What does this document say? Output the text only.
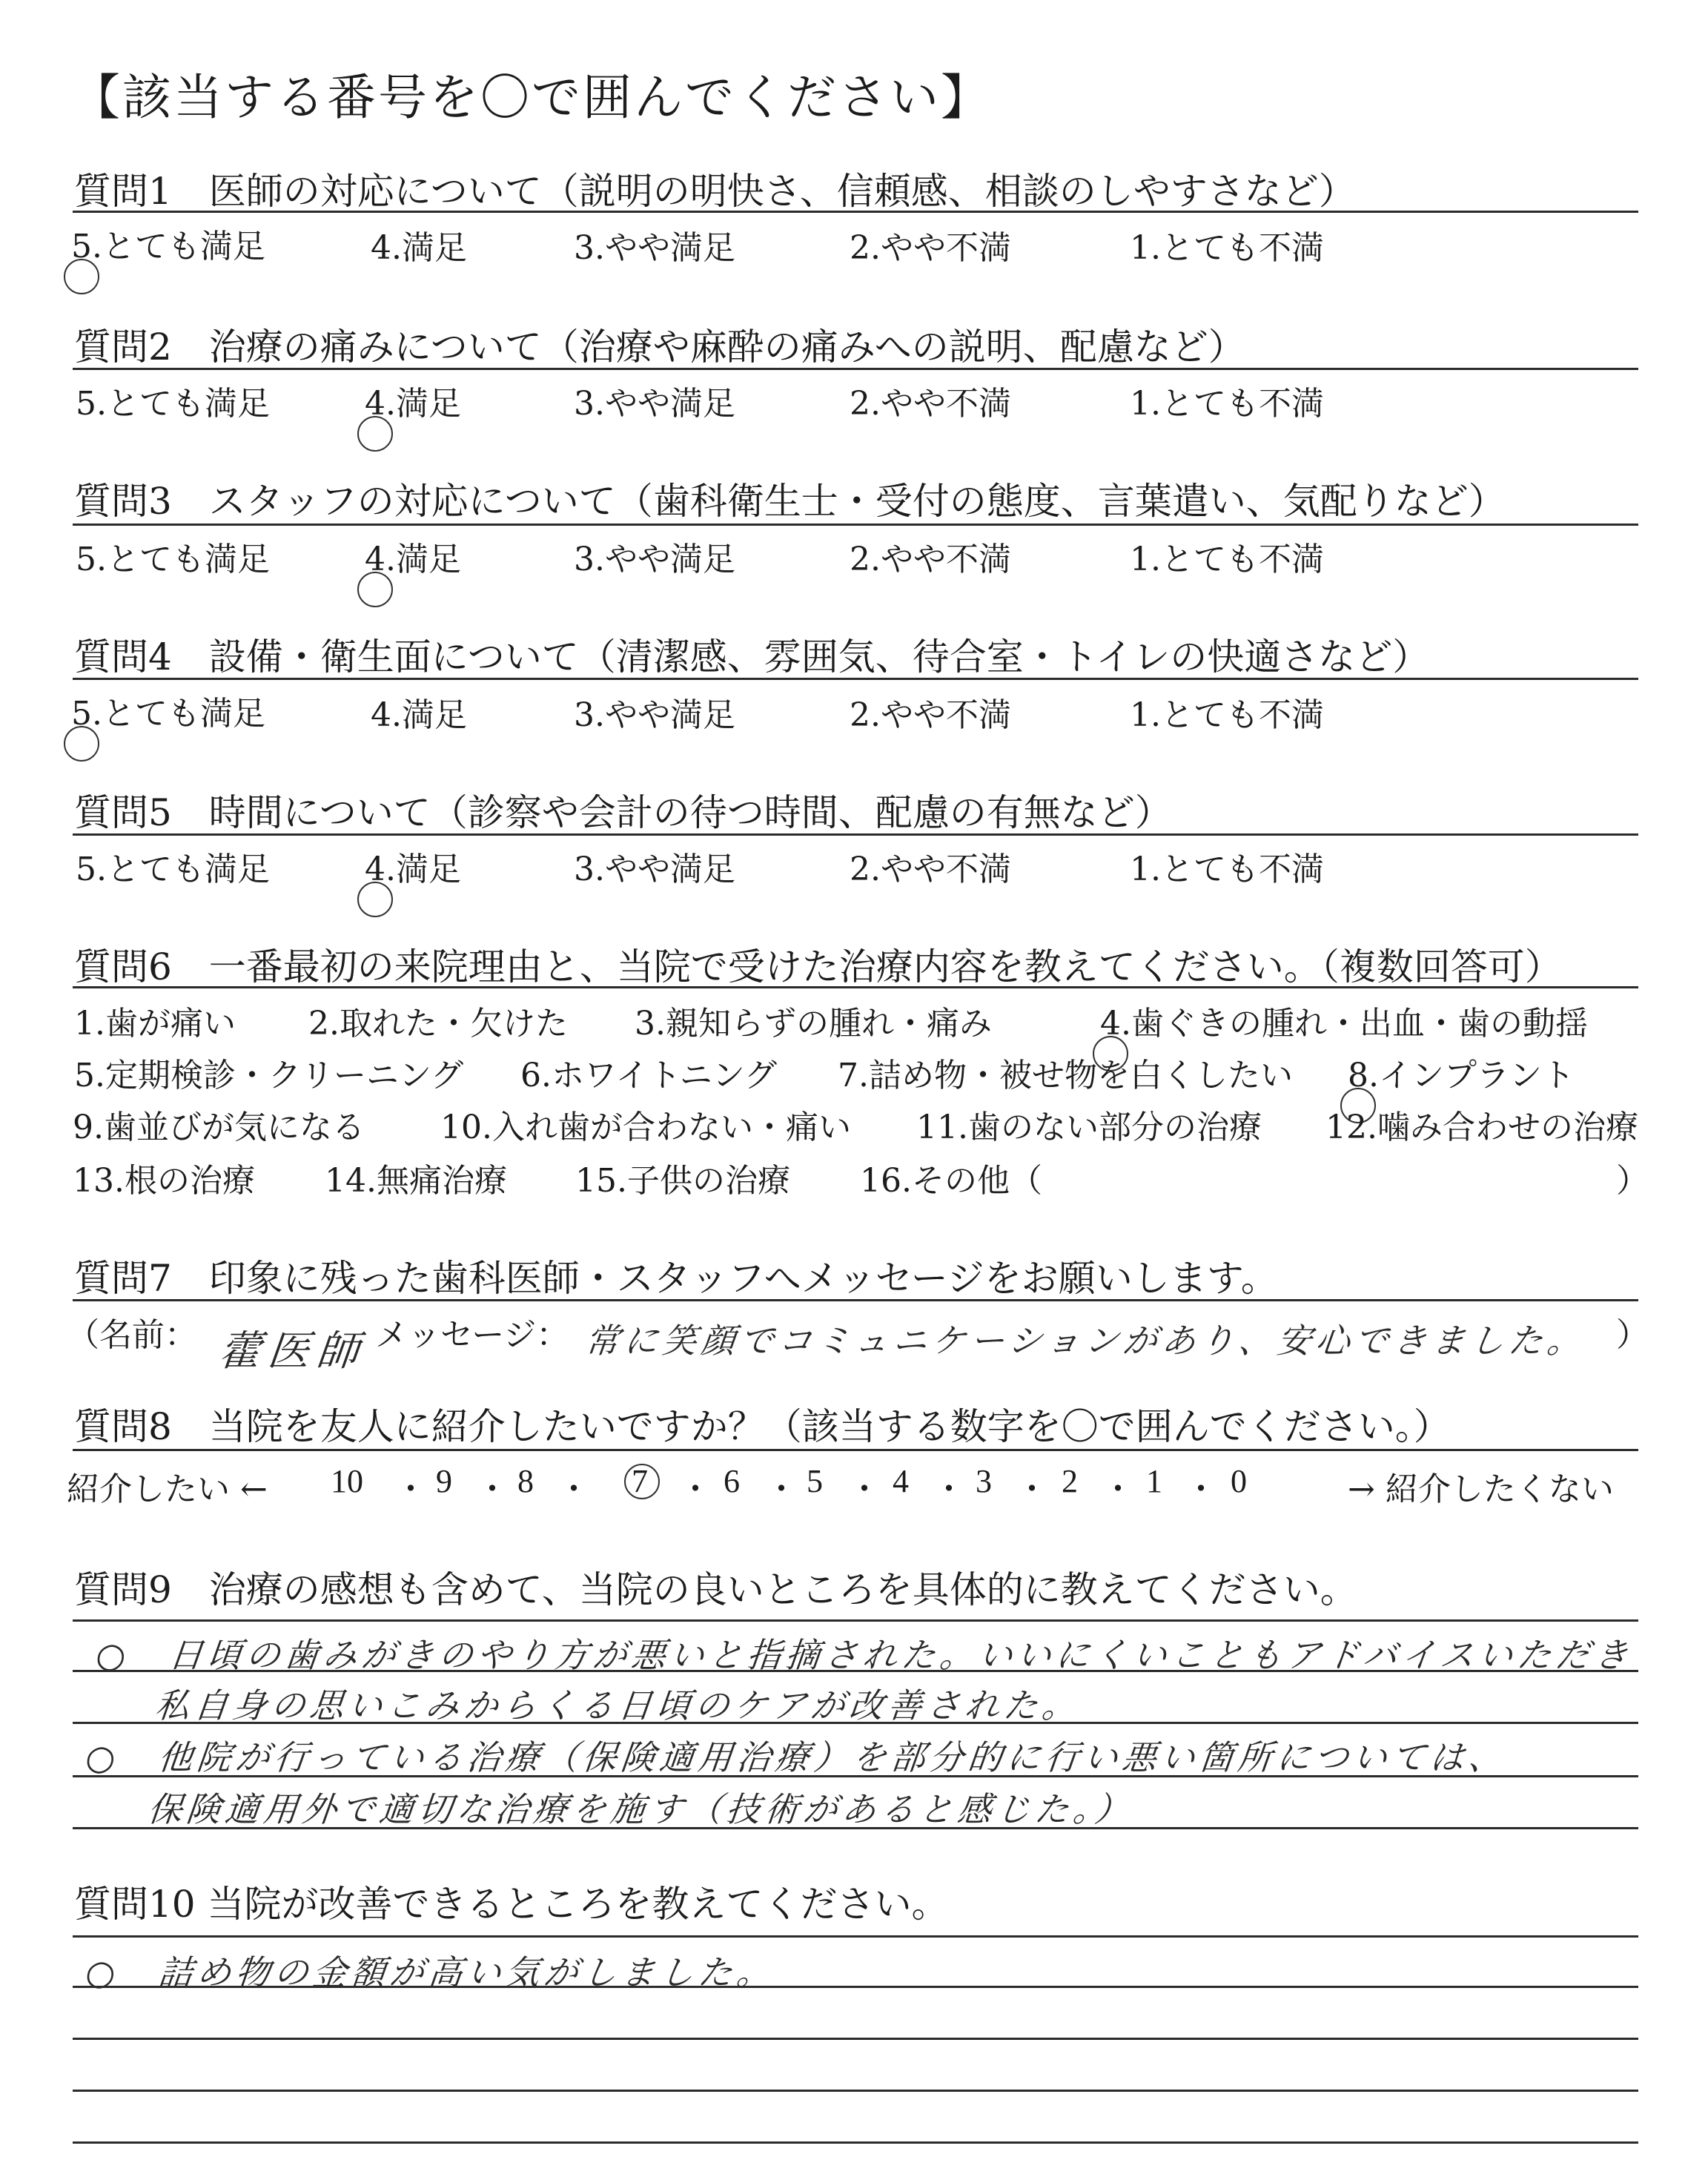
【該当する番号を〇で囲んでください】
質問1　医師の対応について（説明の明快さ、信頼感、相談のしやすさなど）
5.とても満足	4.満足	3.やや満足	2.やや不満	1.とても不満
質問2　治療の痛みについて（治療や麻酔の痛みへの説明、配慮など）
5.とても満足	4.満足	3.やや満足	2.やや不満	1.とても不満
質問3　スタッフの対応について（歯科衛生士・受付の態度、言葉遣い、気配りなど）
5.とても満足	4.満足	3.やや満足	2.やや不満	1.とても不満
質問4　設備・衛生面について（清潔感、雰囲気、待合室・トイレの快適さなど）
5.とても満足	4.満足	3.やや満足	2.やや不満	1.とても不満
質問5　時間について（診察や会計の待つ時間、配慮の有無など）
5.とても満足	4.満足	3.やや満足	2.やや不満	1.とても不満
質問6　一番最初の来院理由と、当院で受けた治療内容を教えてください。（複数回答可）
1.歯が痛い 2.取れた・欠けた 3.親知らずの腫れ・痛み	4.歯ぐきの腫れ・出血・歯の動揺
5.定期検診・クリーニング 6.ホワイトニング 7.詰め物・被せ物を白くしたい 8.インプラント
9.歯並びが気になる 10.入れ歯が合わない・痛い 11.歯のない部分の治療 12.噛み合わせの治療
13.根の治療 14.無痛治療 15.子供の治療 16.その他（	）
質問7　印象に残った歯科医師・スタッフへメッセージをお願いします。
（名前： 藿医師 メッセージ： 常に笑顔でコミュニケーションがあり、安心できました。 ）
質問8　当院を友人に紹介したいですか？（該当する数字を〇で囲んでください。）
紹介したい ← 10 ・ 9 ・ 8 ・ 7 ・ 6 ・ 5 ・ 4 ・ 3 ・ 2 ・ 1 ・ 0	→ 紹介したくない
質問9　治療の感想も含めて、当院の良いところを具体的に教えてください。
○　日頃の歯みがきのやり方が悪いと指摘された。いいにくいこともアドバイスいただき
私自身の思いこみからくる日頃のケアが改善された。
○　他院が行っている治療（保険適用治療）を部分的に行い悪い箇所については、
保険適用外で適切な治療を施す（技術があると感じた。）
質問10 当院が改善できるところを教えてください。
○　詰め物の金額が高い気がしました。
